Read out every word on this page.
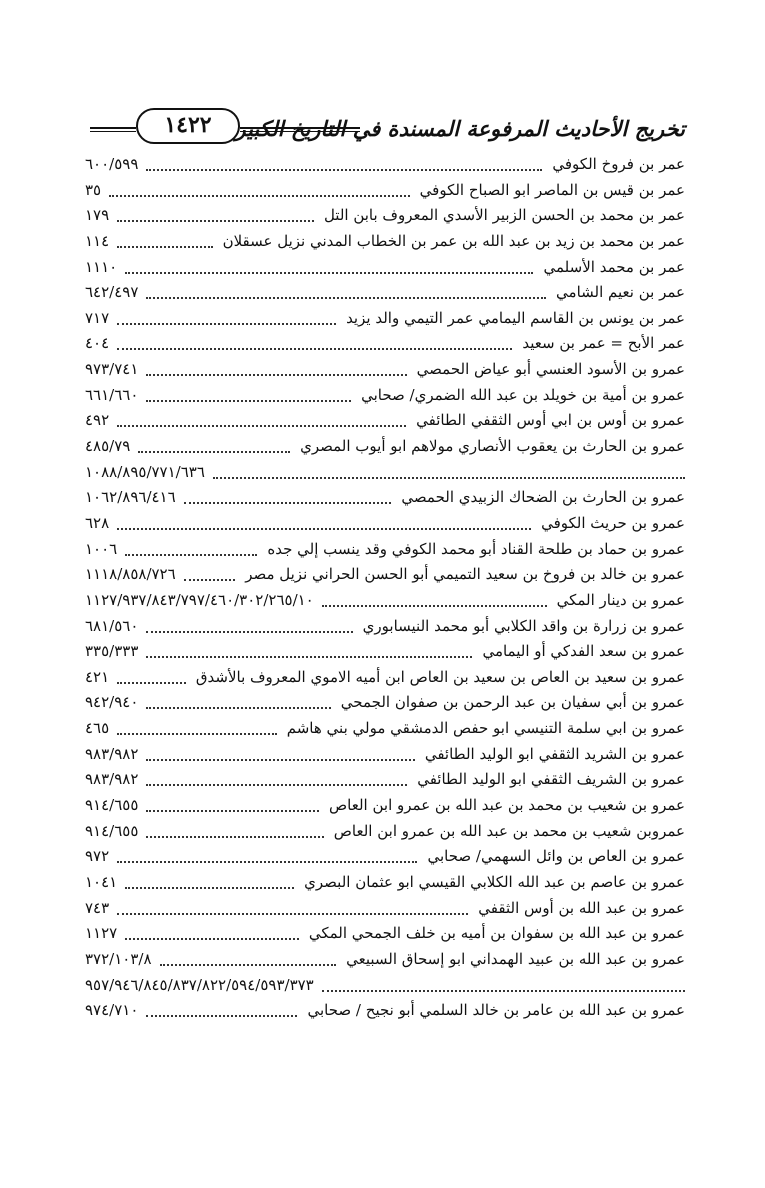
تخريج الأحاديث المرفوعة المسندة في التاريخ الكبير
١٤٢٢
عمر بن فروخ الكوفي
٦٠٠/٥٩٩
عمر بن قيس بن الماصر ابو الصباح الكوفي
٣٥
عمر بن محمد بن الحسن الزبير الأسدي المعروف بابن التل
١٧٩
عمر بن محمد بن زيد بن عبد الله بن عمر بن الخطاب المدني نزيل عسقلان
١١٤
عمر بن محمد الأسلمي
١١١٠
عمر بن نعيم الشامي
٦٤٢/٤٩٧
عمر بن يونس بن القاسم اليمامي عمر التيمي والد يزيد
٧١٧
عمر الأبح = عمر بن سعيد
٤٠٤
عمرو بن الأسود العنسي أبو عياض الحمصي
٩٧٣/٧٤١
عمرو بن أمية بن خويلد بن عبد الله الضمري/ صحابي
٦٦١/٦٦٠
عمرو بن أوس بن ابي أوس الثقفي الطائفي
٤٩٢
عمرو بن الحارث بن يعقوب الأنصاري مولاهم ابو أيوب المصري
٤٨٥/٧٩
١٠٨٨/٨٩٥/٧٧١/٦٣٦
عمرو بن الحارث بن الضحاك الزبيدي الحمصي
١٠٦٢/٨٩٦/٤١٦
عمرو بن حريث الكوفي
٦٢٨
عمرو بن حماد بن طلحة القناد أبو محمد الكوفي وقد ينسب إلي جده
١٠٠٦
عمرو بن خالد بن فروخ بن سعيد التميمي أبو الحسن الحراني نزيل مصر
١١١٨/٨٥٨/٧٢٦
عمرو بن دينار المكي
١١٢٧/٩٣٧/٨٤٣/٧٩٧/٤٦٠/٣٠٢/٢٦٥/١٠
عمرو بن زرارة بن واقد الكلابي أبو محمد النيسابوري
٦٨١/٥٦٠
عمرو بن سعد الفدكي أو اليمامي
٣٣٥/٣٣٣
عمرو بن سعيد بن العاص بن سعيد بن العاص ابن أميه الاموي المعروف بالأشدق
٤٢١
عمرو بن أبي سفيان بن عبد الرحمن بن صفوان الجمحي
٩٤٢/٩٤٠
عمرو بن ابي سلمة التنيسي ابو حفص الدمشقي مولي بني هاشم
٤٦٥
عمرو بن الشريد الثقفي ابو الوليد الطائفي
٩٨٣/٩٨٢
عمرو بن الشريف الثقفي ابو الوليد الطائفي
٩٨٣/٩٨٢
عمرو بن شعيب بن محمد بن عبد الله بن عمرو ابن العاص
٩١٤/٦٥٥
عمروبن شعيب بن محمد بن عبد الله بن عمرو ابن العاص
٩١٤/٦٥٥
عمرو بن العاص بن وائل السهمي/ صحابي
٩٧٢
عمرو بن عاصم بن عبد الله الكلابي القيسي ابو عثمان البصري
١٠٤١
عمرو بن عبد الله بن أوس الثقفي
٧٤٣
عمرو بن عبد الله بن سفوان بن أميه بن خلف الجمحي المكي
١١٢٧
عمرو بن عبد الله بن عبيد الهمداني ابو إسحاق السبيعي
٣٧٢/١٠٣/٨
٩٥٧/٩٤٦/٨٤٥/٨٣٧/٨٢٢/٥٩٤/٥٩٣/٣٧٣
عمرو بن عبد الله بن عامر بن خالد السلمي أبو نجيح / صحابي
٩٧٤/٧١٠
